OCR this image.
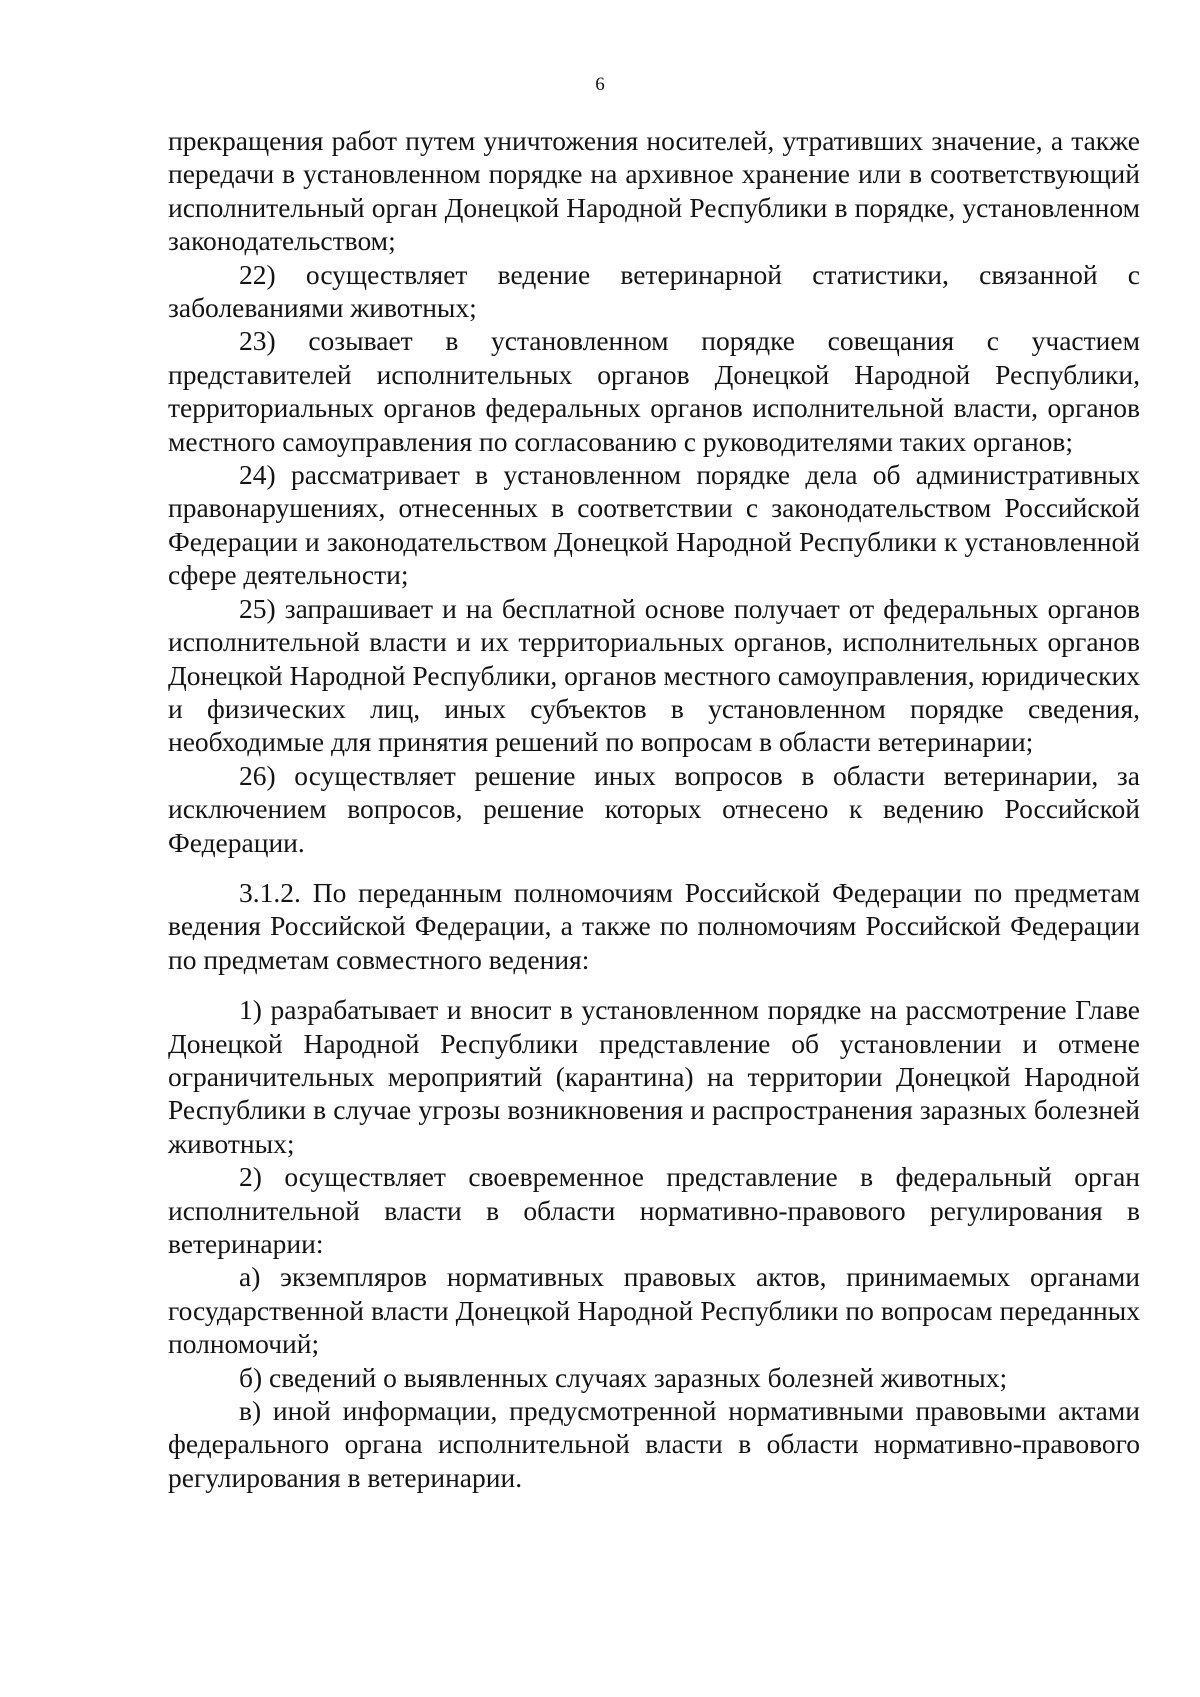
6

прекращения работ путем уничтожения носителей, утративших значение, а также передачи в установленном порядке на архивное хранение или в соответствующий исполнительный орган Донецкой Народной Республики в порядке, установленном законодательством;

22) осуществляет ведение ветеринарной статистики, связанной с заболеваниями животных;

23) созывает в установленном порядке совещания с участием представителей исполнительных органов Донецкой Народной Республики, территориальных органов федеральных органов исполнительной власти, органов местного самоуправления по согласованию с руководителями таких органов;

24) рассматривает в установленном порядке дела об административных правонарушениях, отнесенных в соответствии с законодательством Российской Федерации и законодательством Донецкой Народной Республики к установленной сфере деятельности;

25) запрашивает и на бесплатной основе получает от федеральных органов исполнительной власти и их территориальных органов, исполнительных органов Донецкой Народной Республики, органов местного самоуправления, юридических и физических лиц, иных субъектов в установленном порядке сведения, необходимые для принятия решений по вопросам в области ветеринарии;

26) осуществляет решение иных вопросов в области ветеринарии, за исключением вопросов, решение которых отнесено к ведению Российской Федерации.

3.1.2. По переданным полномочиям Российской Федерации по предметам ведения Российской Федерации, а также по полномочиям Российской Федерации по предметам совместного ведения:

1) разрабатывает и вносит в установленном порядке на рассмотрение Главе Донецкой Народной Республики представление об установлении и отмене ограничительных мероприятий (карантина) на территории Донецкой Народной Республики в случае угрозы возникновения и распространения заразных болезней животных;

2) осуществляет своевременное представление в федеральный орган исполнительной власти в области нормативно-правового регулирования в ветеринарии:

а) экземпляров нормативных правовых актов, принимаемых органами государственной власти Донецкой Народной Республики по вопросам переданных полномочий;

б) сведений о выявленных случаях заразных болезней животных;

в) иной информации, предусмотренной нормативными правовыми актами федерального органа исполнительной власти в области нормативно-правового регулирования в ветеринарии.
